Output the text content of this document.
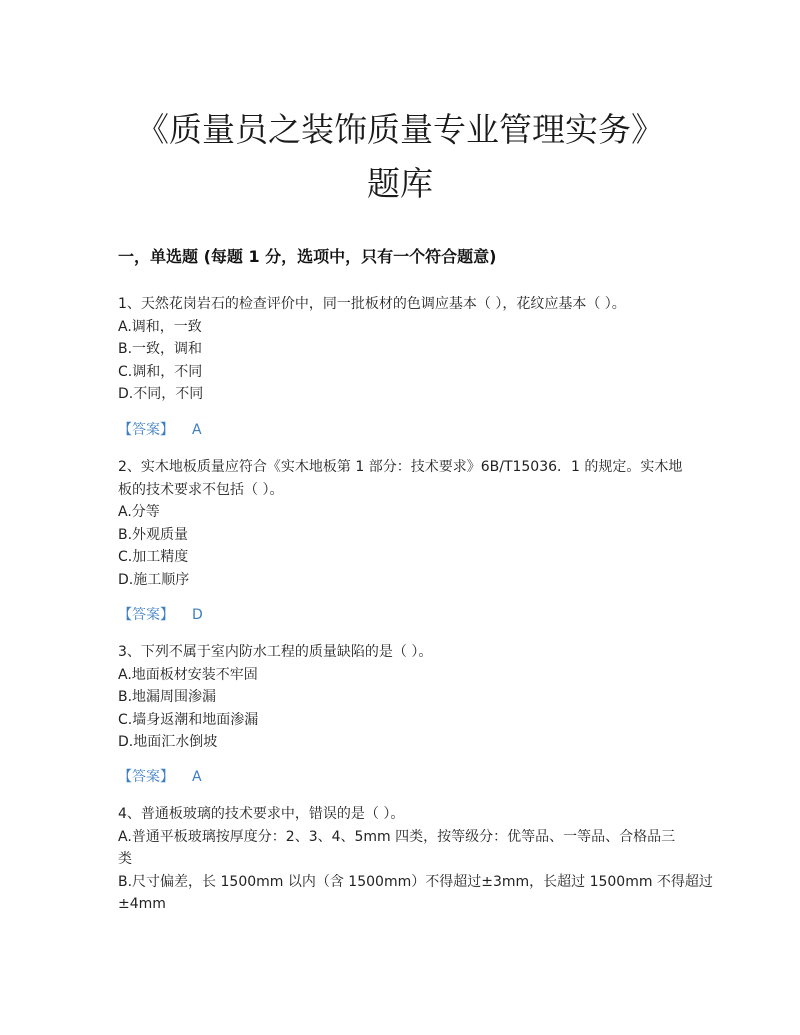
《质量员之装饰质量专业管理实务》
题库
一，单选题 (每题 1 分，选项中，只有一个符合题意)

1、天然花岗岩石的检查评价中，同一批板材的色调应基本（ ），花纹应基本（ ）。

A.调和，一致

B.一致，调和

C.调和，不同

D.不同，不同

【答案】 A

2、实木地板质量应符合《实木地板第 1 部分：技术要求》6B/T15036．1 的规定。实木地

板的技术要求不包括（ ）。

A.分等

B.外观质量

C.加工精度

D.施工顺序

【答案】 D

3、下列不属于室内防水工程的质量缺陷的是（ ）。

A.地面板材安装不牢固

B.地漏周围渗漏

C.墙身返潮和地面渗漏

D.地面汇水倒坡

【答案】 A

4、普通板玻璃的技术要求中，错误的是（ ）。

A.普通平板玻璃按厚度分：2、3、4、5mm 四类，按等级分：优等品、一等品、合格品三

类

B.尺寸偏差，长 1500mm 以内（含 1500mm）不得超过±3mm，长超过 1500mm 不得超过

±4mm
